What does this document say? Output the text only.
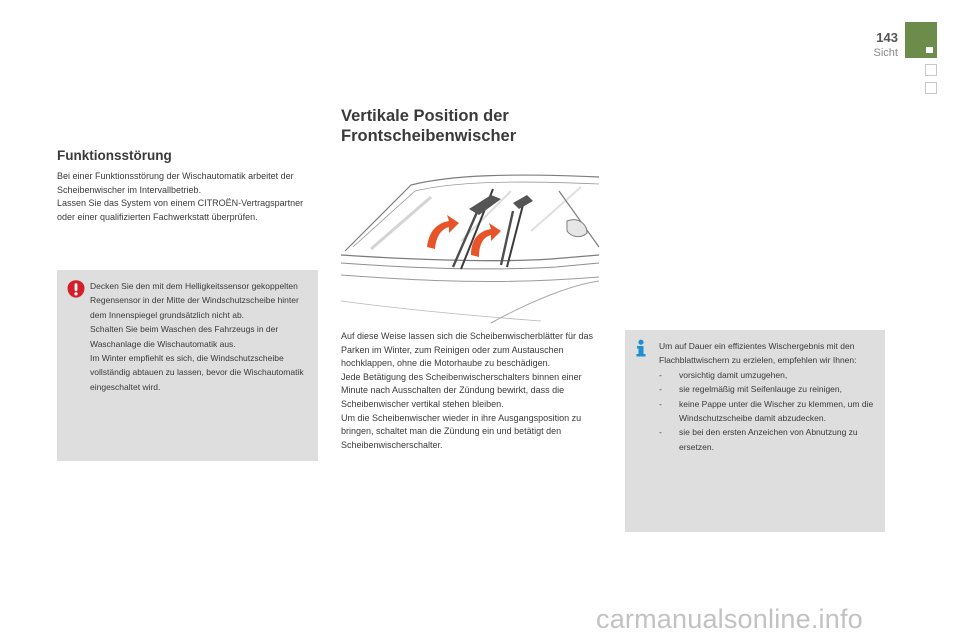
143
Sicht
Funktionsstörung

Bei einer Funktionsstörung der Wischautomatik arbeitet der Scheibenwischer im Intervallbetrieb.

Lassen Sie das System von einem CITROËN-Vertragspartner oder einer qualifizierten Fachwerkstatt überprüfen.

Decken Sie den mit dem Helligkeitssensor gekoppelten Regensensor in der Mitte der Windschutzscheibe hinter dem Innenspiegel grundsätzlich nicht ab.

Schalten Sie beim Waschen des Fahrzeugs in der Waschanlage die Wischautomatik aus.

Im Winter empfiehlt es sich, die Windschutzscheibe vollständig abtauen zu lassen, bevor die Wischautomatik eingeschaltet wird.

Vertikale Position der Frontscheibenwischer

Auf diese Weise lassen sich die Scheibenwischerblätter für das Parken im Winter, zum Reinigen oder zum Austauschen hochklappen, ohne die Motorhaube zu beschädigen.

Jede Betätigung des Scheibenwischerschalters binnen einer Minute nach Ausschalten der Zündung bewirkt, dass die Scheibenwischer vertikal stehen bleiben.

Um die Scheibenwischer wieder in ihre Ausgangsposition zu bringen, schaltet man die Zündung ein und betätigt den Scheibenwischerschalter.

Um auf Dauer ein effizientes Wischergebnis mit den Flachblattwischern zu erzielen, empfehlen wir Ihnen:

- vorsichtig damit umzugehen,
- sie regelmäßig mit Seifenlauge zu reinigen,
- keine Pappe unter die Wischer zu klemmen, um die Windschutzscheibe damit abzudecken.
- sie bei den ersten Anzeichen von Abnutzung zu ersetzen.
carmanualsonline.info
